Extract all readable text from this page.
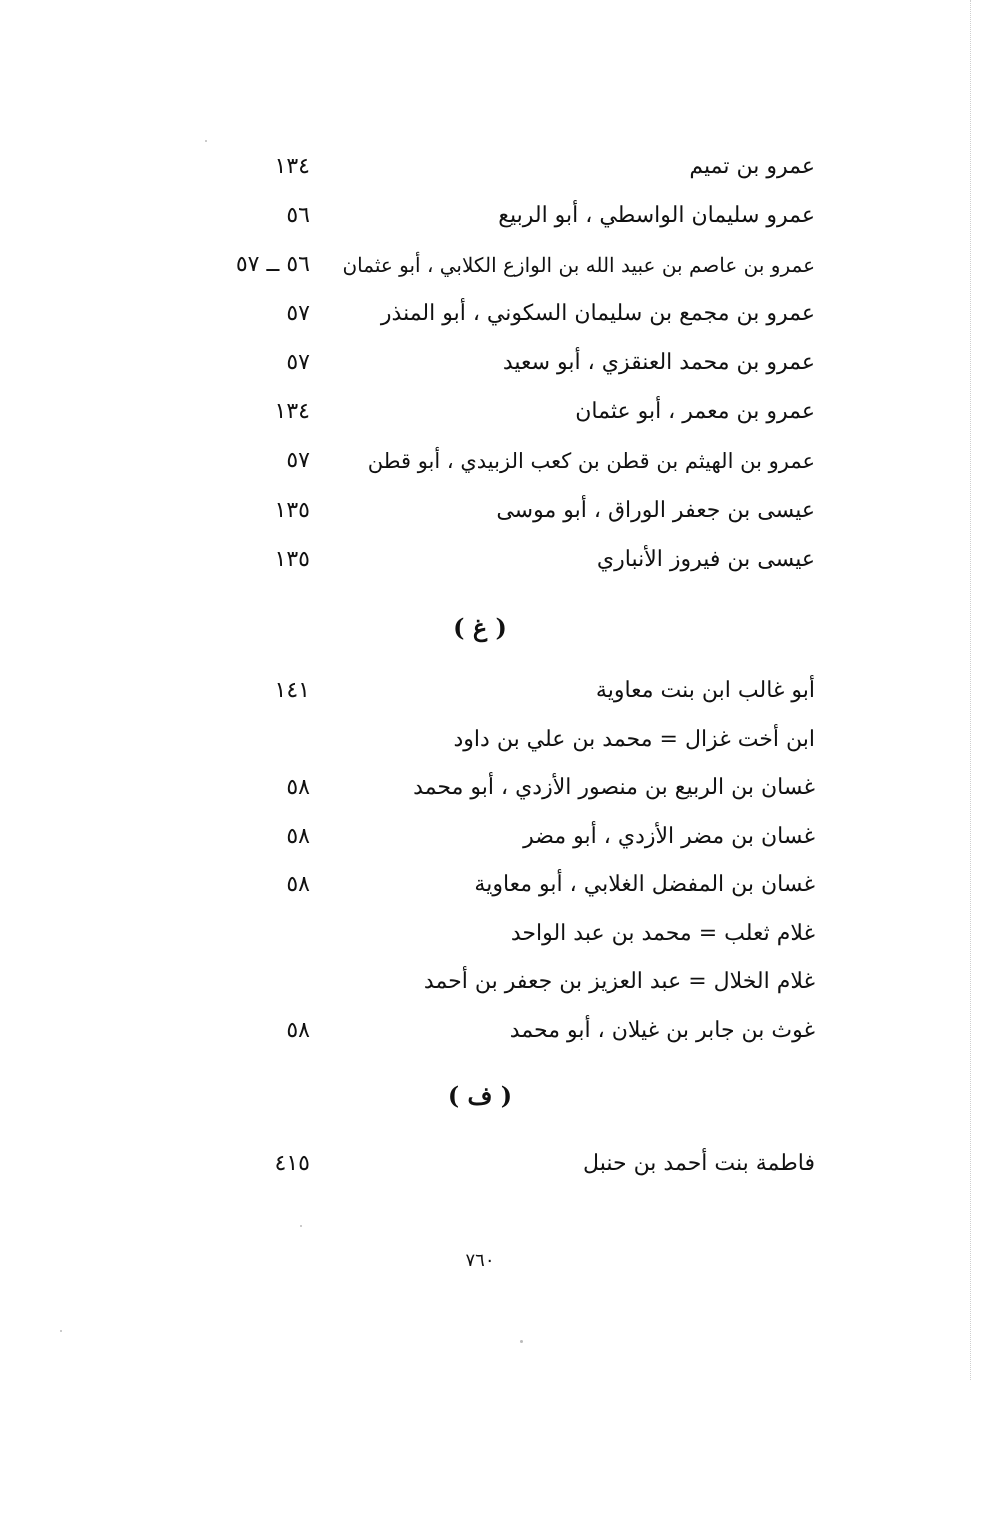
عمرو بن تميم
١٣٤
عمرو سليمان الواسطي ، أبو الربيع
٥٦
عمرو بن عاصم بن عبيد الله بن الوازع الكلابي ، أبو عثمان
٥٦ ــ ٥٧
عمرو بن مجمع بن سليمان السكوني ، أبو المنذر
٥٧
عمرو بن محمد العنقزي ، أبو سعيد
٥٧
عمرو بن معمر ، أبو عثمان
١٣٤
عمرو بن الهيثم بن قطن بن كعب الزبيدي ، أبو قطن
٥٧
عيسى بن جعفر الوراق ، أبو موسى
١٣٥
عيسى بن فيروز الأنباري
١٣٥
( غ )
أبو غالب ابن بنت معاوية
١٤١
ابن أخت غزال = محمد بن علي بن داود
غسان بن الربيع بن منصور الأزدي ، أبو محمد
٥٨
غسان بن مضر الأزدي ، أبو مضر
٥٨
غسان بن المفضل الغلابي ، أبو معاوية
٥٨
غلام ثعلب = محمد بن عبد الواحد
غلام الخلال = عبد العزيز بن جعفر بن أحمد
غوث بن جابر بن غيلان ، أبو محمد
٥٨
( ف )
فاطمة بنت أحمد بن حنبل
٤١٥
٧٦٠
